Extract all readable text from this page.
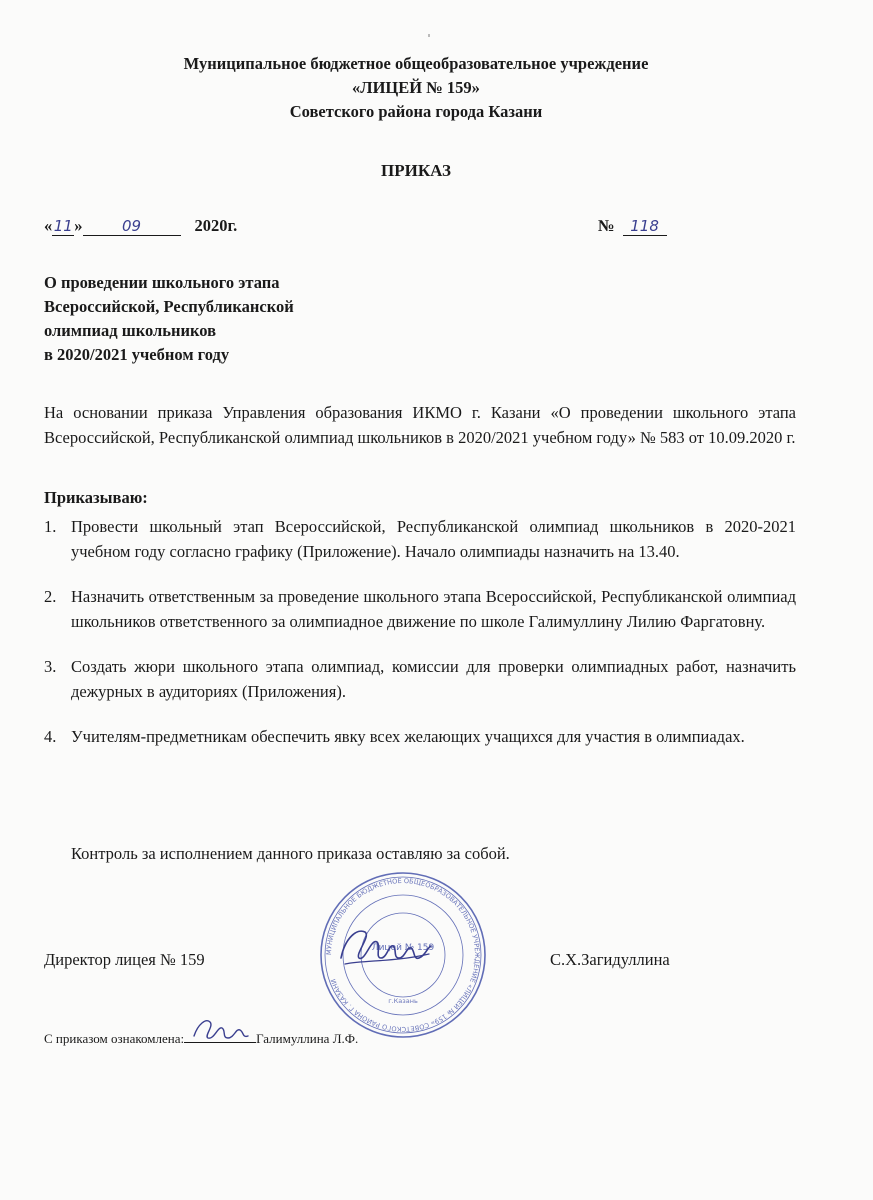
Муниципальное бюджетное общеобразовательное учреждение
«ЛИЦЕЙ № 159»
Советского района города Казани
ПРИКАЗ
«11»	09	2020г.	№ 118
О проведении школьного этапа
Всероссийской, Республиканской
олимпиад школьников
в 2020/2021 учебном году
На основании приказа Управления образования ИКМО г. Казани «О проведении школьного этапа Всероссийской, Республиканской олимпиад школьников в 2020/2021 учебном году» № 583 от 10.09.2020 г.
Приказываю:
1. Провести школьный этап Всероссийской, Республиканской олимпиад школьников в 2020-2021 учебном году согласно графику (Приложение). Начало олимпиады назначить на 13.40.
2. Назначить ответственным за проведение школьного этапа Всероссийской, Республиканской олимпиад школьников ответственного за олимпиадное движение по школе Галимуллину Лилию Фаргатовну.
3. Создать жюри школьного этапа олимпиад, комиссии для проверки олимпиадных работ, назначить дежурных в аудиториях (Приложения).
4. Учителям-предметникам обеспечить явку всех желающих учащихся для участия в олимпиадах.
Контроль за исполнением данного приказа оставляю за собой.
МУНИЦИПАЛЬНОЕ БЮДЖЕТНОЕ ОБЩЕОБРАЗОВАТЕЛЬНОЕ УЧРЕЖДЕНИЕ «ЛИЦЕЙ № 159» СОВЕТСКОГО РАЙОНА Г. КАЗАНИ
Лицей № 159
г.Казань
Директор лицея № 159	С.Х.Загидуллина
С приказом ознакомлена:	Галимуллина Л.Ф.
